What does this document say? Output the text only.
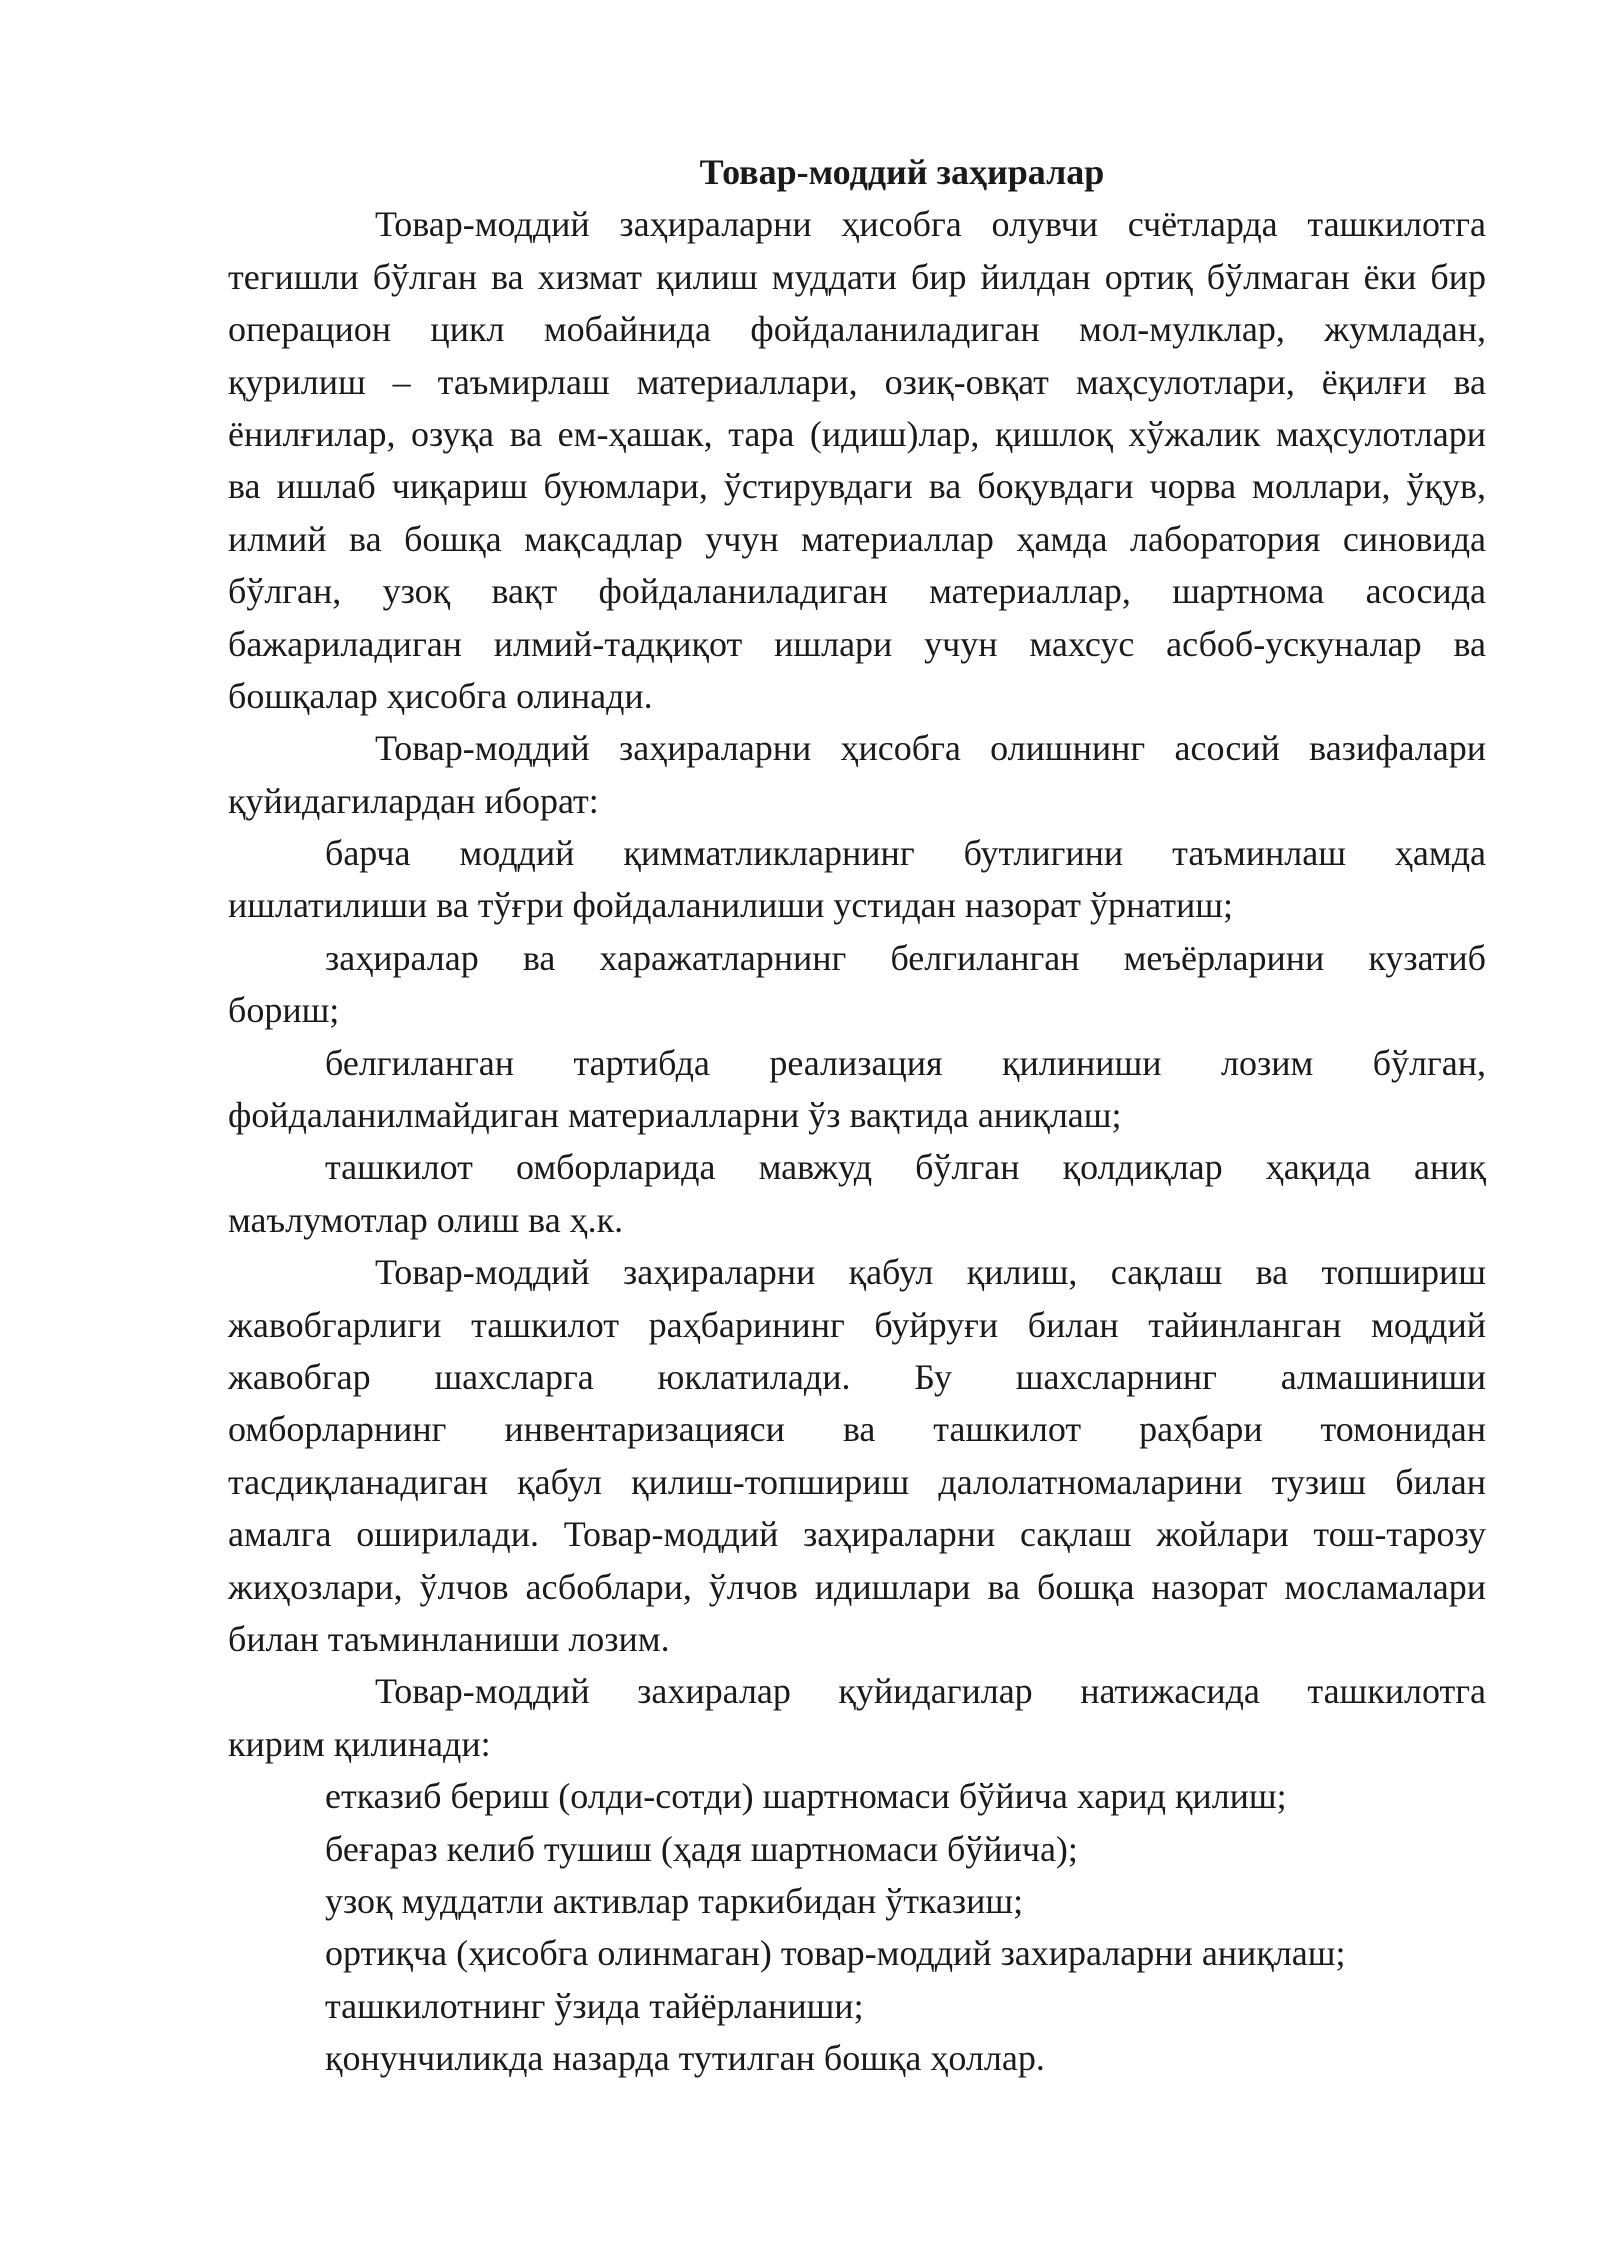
Товар-моддий заҳиралар
Товар-моддий заҳираларни ҳисобга олувчи счётларда ташкилотга
тегишли бўлган ва хизмат қилиш муддати бир йилдан ортиқ бўлмаган ёки бир
операцион цикл мобайнида фойдаланиладиган мол-мулклар, жумладан,
қурилиш – таъмирлаш материаллари, озиқ-овқат маҳсулотлари, ёқилғи ва
ёнилғилар, озуқа ва ем-ҳашак, тара (идиш)лар, қишлоқ хўжалик маҳсулотлари
ва ишлаб чиқариш буюмлари, ўстирувдаги ва боқувдаги чорва моллари, ўқув,
илмий ва бошқа мақсадлар учун материаллар ҳамда лаборатория синовида
бўлган, узоқ вақт фойдаланиладиган материаллар, шартнома асосида
бажариладиган илмий-тадқиқот ишлари учун махсус асбоб-ускуналар ва
бошқалар ҳисобга олинади.
Товар-моддий заҳираларни ҳисобга олишнинг асосий вазифалари
қуйидагилардан иборат:
барча моддий қимматликларнинг бутлигини таъминлаш ҳамда
ишлатилиши ва тўғри фойдаланилиши устидан назорат ўрнатиш;
заҳиралар ва харажатларнинг белгиланган меъёрларини кузатиб
бориш;
белгиланган тартибда реализация қилиниши лозим бўлган,
фойдаланилмайдиган материалларни ўз вақтида аниқлаш;
ташкилот омборларида мавжуд бўлган қолдиқлар ҳақида аниқ
маълумотлар олиш ва ҳ.к.
Товар-моддий заҳираларни қабул қилиш, сақлаш ва топшириш
жавобгарлиги ташкилот раҳбарининг буйруғи билан тайинланган моддий
жавобгар шахсларга юклатилади. Бу шахсларнинг алмашиниши
омборларнинг инвентаризацияси ва ташкилот раҳбари томонидан
тасдиқланадиган қабул қилиш-топшириш далолатномаларини тузиш билан
амалга оширилади. Товар-моддий заҳираларни сақлаш жойлари тош-тарозу
жиҳозлари, ўлчов асбоблари, ўлчов идишлари ва бошқа назорат мосламалари
билан таъминланиши лозим.
Товар-моддий захиралар қуйидагилар натижасида ташкилотга
кирим қилинади:
етказиб бериш (олди-сотди) шартномаси бўйича харид қилиш;
беғараз келиб тушиш (ҳадя шартномаси бўйича);
узоқ муддатли активлар таркибидан ўтказиш;
ортиқча (ҳисобга олинмаган) товар-моддий захираларни аниқлаш;
ташкилотнинг ўзида тайёрланиши;
қонунчиликда назарда тутилган бошқа ҳоллар.
